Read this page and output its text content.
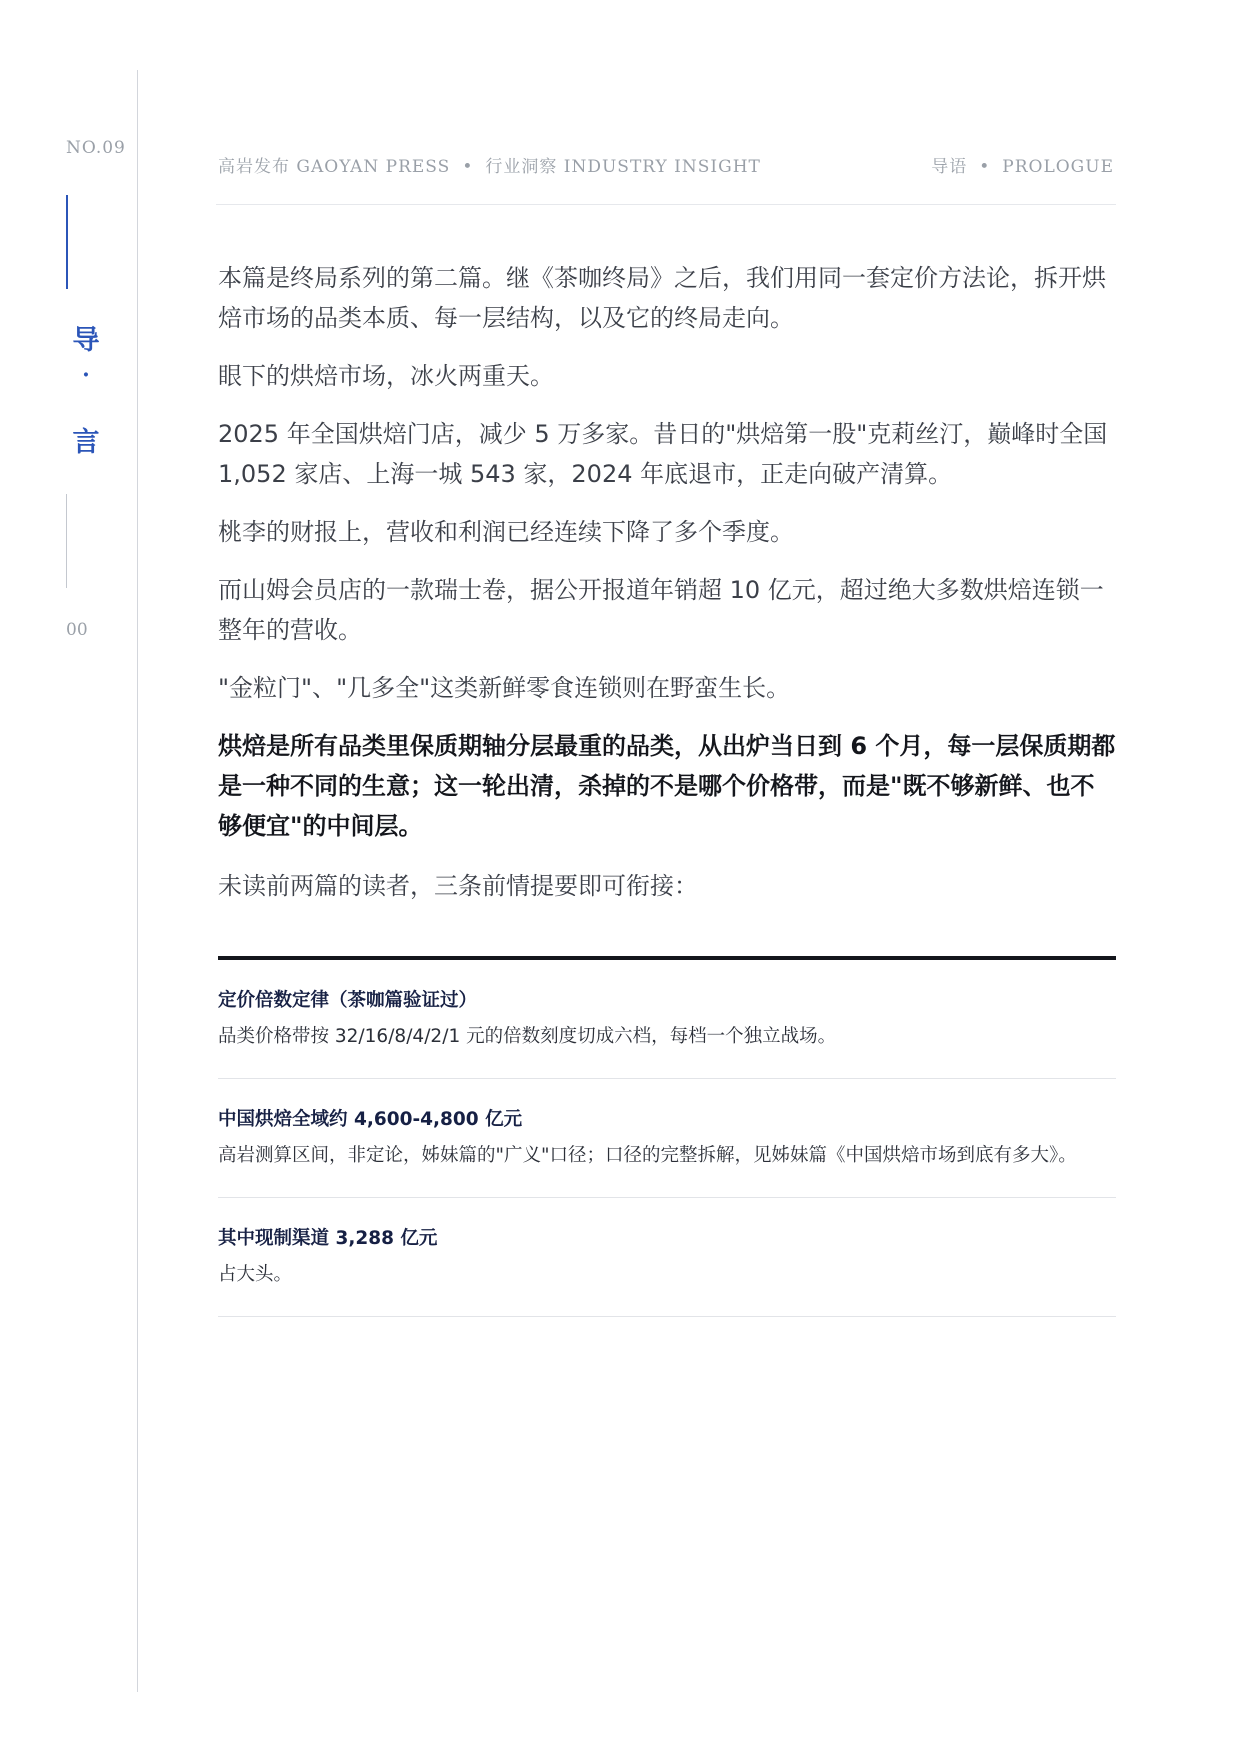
NO.09
导
·
言
00
高岩发布 GAOYAN PRESS • 行业洞察 INDUSTRY INSIGHT	导语 • PROLOGUE

本篇是终局系列的第二篇。继《茶咖终局》之后，我们用同一套定价方法论，拆开烘焙市场的品类本质、每一层结构，以及它的终局走向。

眼下的烘焙市场，冰火两重天。

2025 年全国烘焙门店，减少 5 万多家。昔日的"烘焙第一股"克莉丝汀，巅峰时全国 1,052 家店、上海一城 543 家，2024 年底退市，正走向破产清算。

桃李的财报上，营收和利润已经连续下降了多个季度。

而山姆会员店的一款瑞士卷，据公开报道年销超 10 亿元，超过绝大多数烘焙连锁一整年的营收。

"金粒门"、"几多全"这类新鲜零食连锁则在野蛮生长。

烘焙是所有品类里保质期轴分层最重的品类，从出炉当日到 6 个月，每一层保质期都是一种不同的生意；这一轮出清，杀掉的不是哪个价格带，而是"既不够新鲜、也不够便宜"的中间层。

未读前两篇的读者，三条前情提要即可衔接：

定价倍数定律（茶咖篇验证过）
品类价格带按 32/16/8/4/2/1 元的倍数刻度切成六档，每档一个独立战场。
中国烘焙全域约 4,600-4,800 亿元
高岩测算区间，非定论，姊妹篇的"广义"口径；口径的完整拆解，见姊妹篇《中国烘焙市场到底有多大》。
其中现制渠道 3,288 亿元
占大头。
